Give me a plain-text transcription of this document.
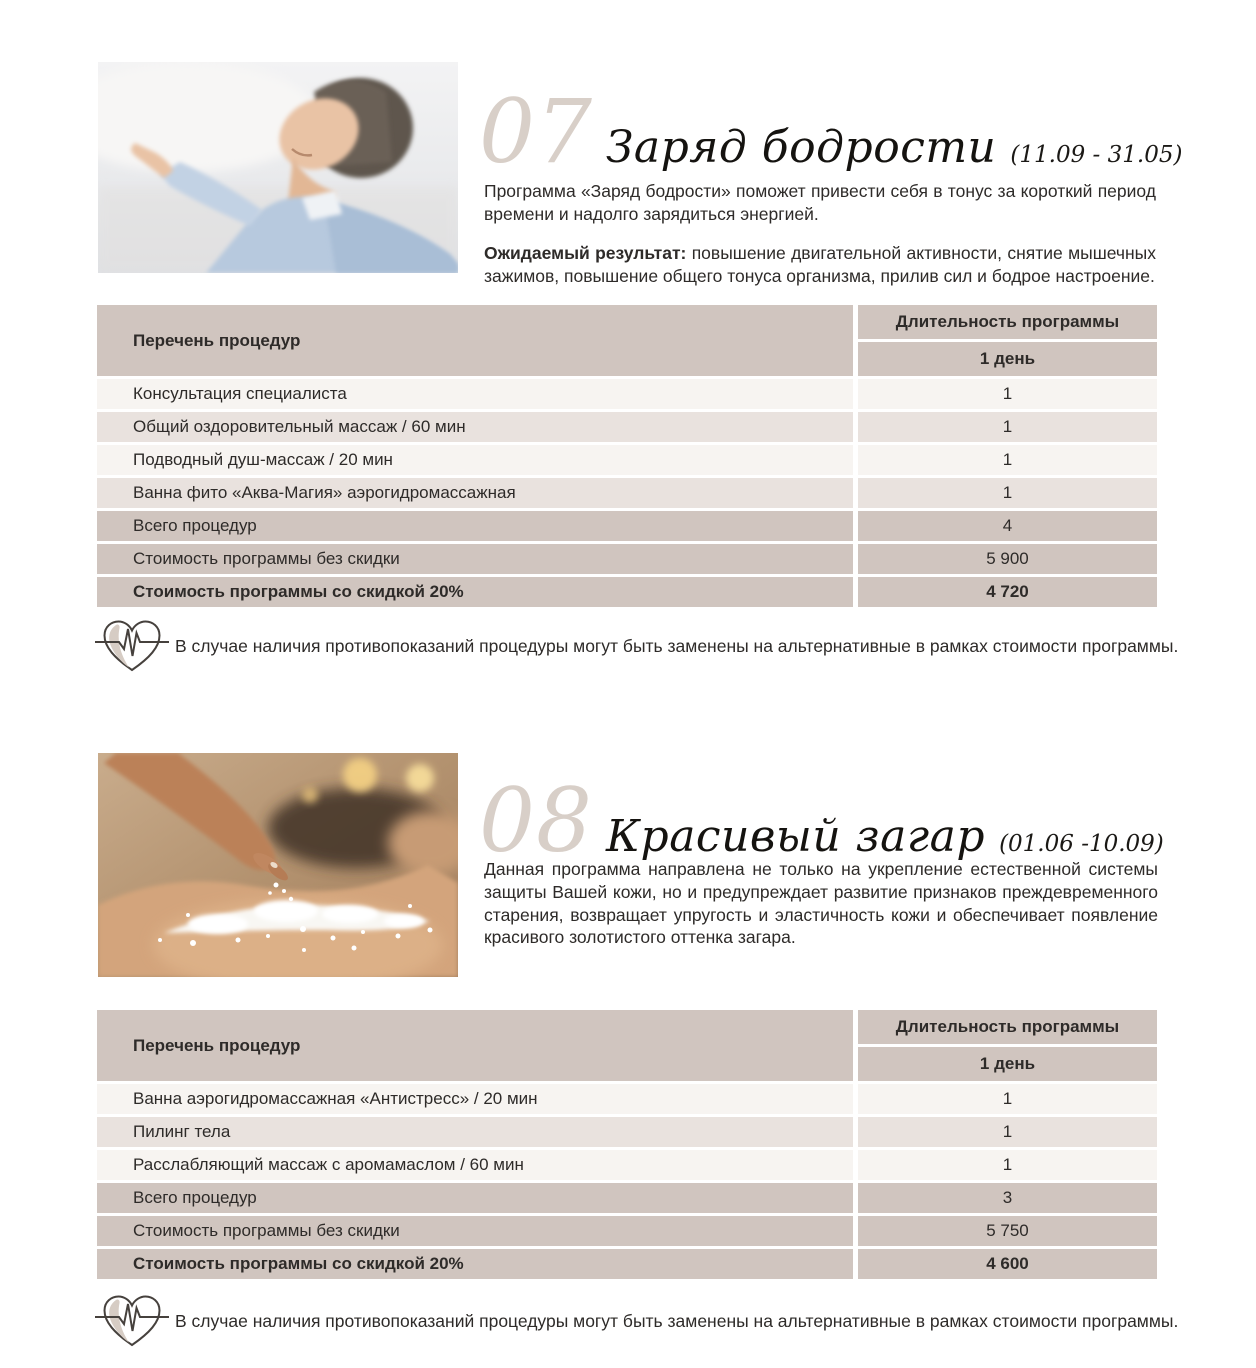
07 Заряд бодрости (11.09 - 31.05)

Программа «Заряд бодрости» поможет привести себя в тонус за короткий период времени и надолго зарядиться энергией.

Ожидаемый результат: повышение двигательной активности, снятие мышечных зажимов, повышение общего тонуса организма, прилив сил и бодрое настроение.

Перечень процедур
Длительность программы
1 день
Консультация специалиста	1
Общий оздоровительный массаж / 60 мин	1
Подводный душ-массаж / 20 мин	1
Ванна фито «Аква-Магия» аэрогидромассажная	1
Всего процедур	4
Стоимость программы без скидки	5 900
Стоимость программы со скидкой 20%	4 720
В случае наличия противопоказаний процедуры могут быть заменены на альтернативные в рамках стоимости программы.
08 Красивый загар (01.06 -10.09)

Данная программа направлена не только на укрепление естественной системы защиты Вашей кожи, но и предупреждает развитие признаков преждевременного старения, возвращает упругость и эластичность кожи и обеспечивает появление красивого золотистого оттенка загара.

Перечень процедур
Длительность программы
1 день
Ванна аэрогидромассажная «Антистресс» / 20 мин	1
Пилинг тела	1
Расслабляющий массаж с аромамаслом / 60 мин	1
Всего процедур	3
Стоимость программы без скидки	5 750
Стоимость программы со скидкой 20%	4 600
В случае наличия противопоказаний процедуры могут быть заменены на альтернативные в рамках стоимости программы.
